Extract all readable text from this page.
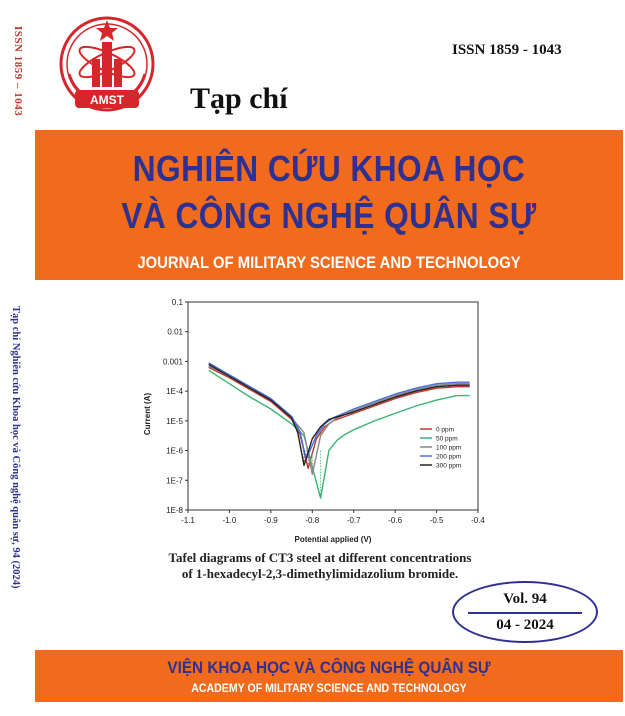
ISSN 1859 – 1043
Tạp chí Nghiên cứu Khoa học và Công nghệ quân sự, 94 (2024)
AMST
ISSN 1859 - 1043
Tạp chí
NGHIÊN CỨU KHOA HỌC
VÀ CÔNG NGHỆ QUÂN SỰ
JOURNAL OF MILITARY SCIENCE AND TECHNOLOGY
1E-8
1E-7
1E-6
1E-5
1E-4
0.001
0.01
0.1
-1.1	-1.0	-0.9	-0.8	-0.7	-0.6	-0.5	-0.4
0 ppm
50 ppm
100 ppm
200 ppm
300 ppm
Current (A)
Potential applied (V)
Tafel diagrams of CT3 steel at different concentrations
of 1-hexadecyl-2,3-dimethylimidazolium bromide.
Vol. 94
04 - 2024
VIỆN KHOA HỌC VÀ CÔNG NGHỆ QUÂN SỰ
ACADEMY OF MILITARY SCIENCE AND TECHNOLOGY
